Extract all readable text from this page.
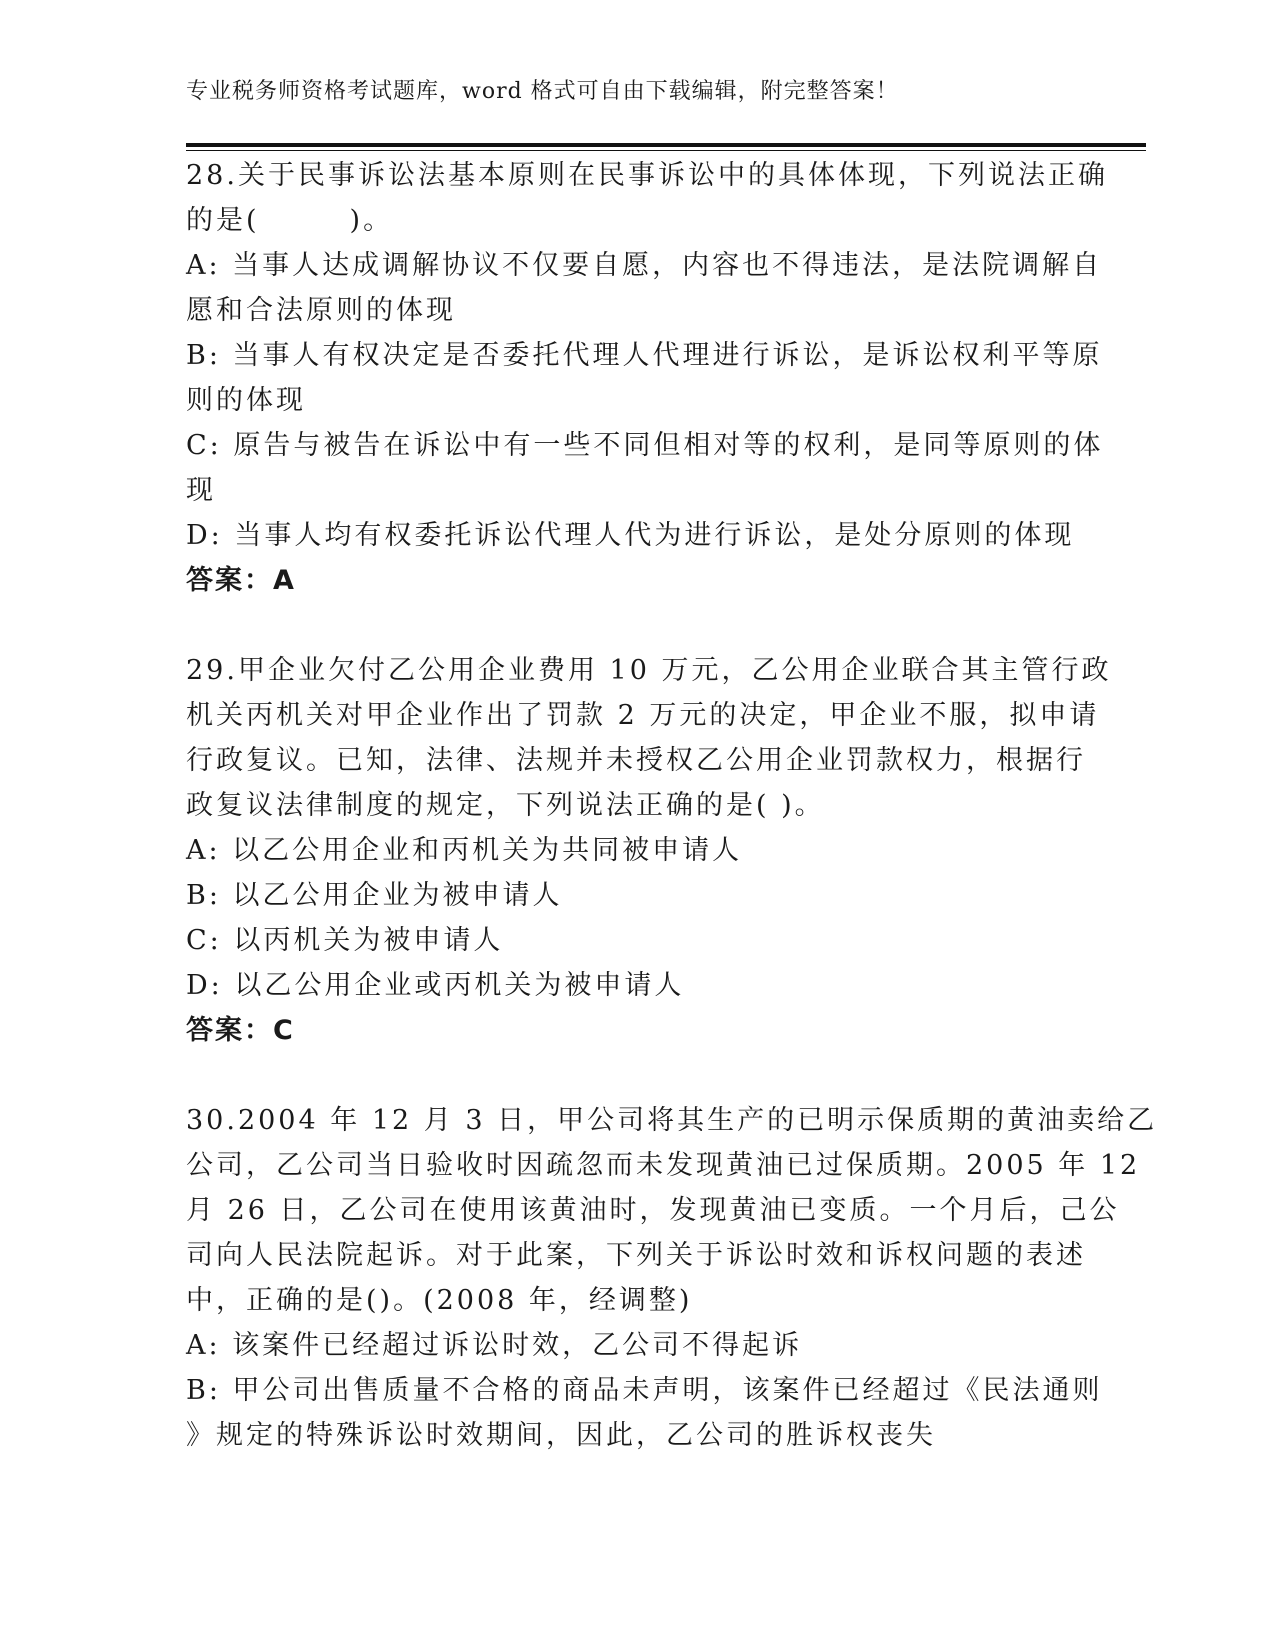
专业税务师资格考试题库，word 格式可自由下载编辑，附完整答案！
28.关于民事诉讼法基本原则在民事诉讼中的具体体现，下列说法正确
的是(　　　)。
A: 当事人达成调解协议不仅要自愿，内容也不得违法，是法院调解自
愿和合法原则的体现
B: 当事人有权决定是否委托代理人代理进行诉讼，是诉讼权利平等原
则的体现
C: 原告与被告在诉讼中有一些不同但相对等的权利，是同等原则的体
现
D: 当事人均有权委托诉讼代理人代为进行诉讼，是处分原则的体现
答案：A
29.甲企业欠付乙公用企业费用 10 万元，乙公用企业联合其主管行政
机关丙机关对甲企业作出了罚款 2 万元的决定，甲企业不服，拟申请
行政复议。已知，法律、法规并未授权乙公用企业罚款权力，根据行
政复议法律制度的规定，下列说法正确的是( )。
A: 以乙公用企业和丙机关为共同被申请人
B: 以乙公用企业为被申请人
C: 以丙机关为被申请人
D: 以乙公用企业或丙机关为被申请人
答案：C
30.2004 年 12 月 3 日，甲公司将其生产的已明示保质期的黄油卖给乙
公司，乙公司当日验收时因疏忽而未发现黄油已过保质期。2005 年 12
月 26 日，乙公司在使用该黄油时，发现黄油已变质。一个月后，己公
司向人民法院起诉。对于此案，下列关于诉讼时效和诉权问题的表述
中，正确的是()。(2008 年，经调整)
A: 该案件已经超过诉讼时效，乙公司不得起诉
B: 甲公司出售质量不合格的商品未声明，该案件已经超过《民法通则
》规定的特殊诉讼时效期间，因此，乙公司的胜诉权丧失
